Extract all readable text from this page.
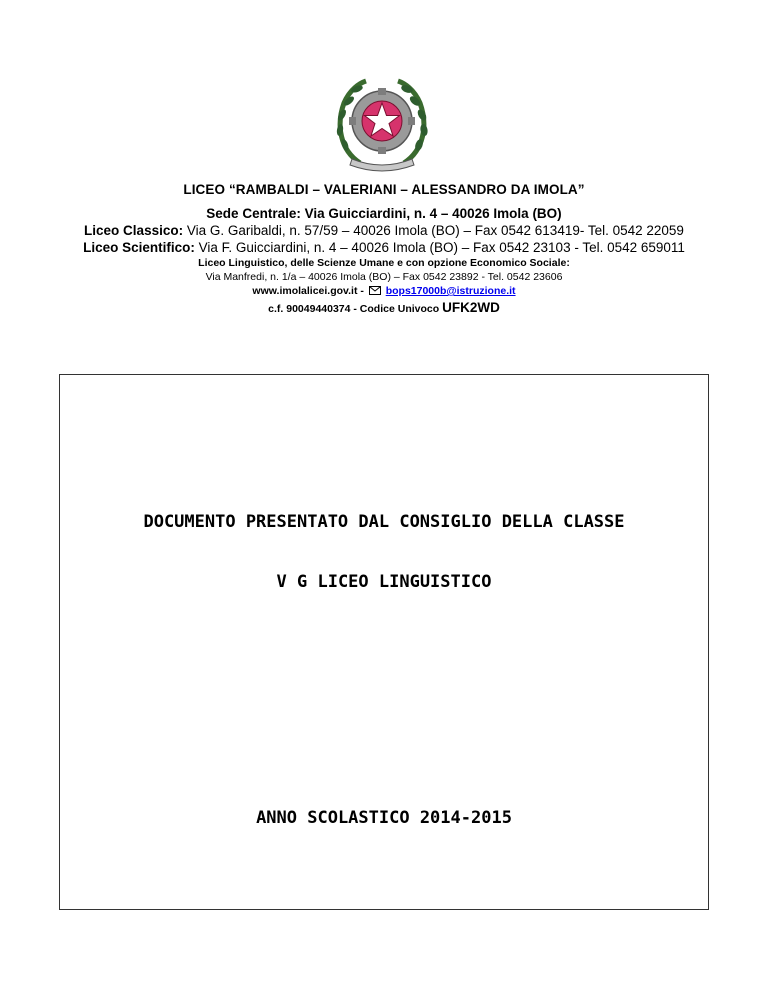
LICEO “RAMBALDI – VALERIANI – ALESSANDRO DA IMOLA”
Sede Centrale: Via Guicciardini, n. 4 – 40026 Imola (BO)
Liceo Classico: Via G. Garibaldi, n. 57/59 – 40026 Imola (BO) – Fax 0542 613419- Tel. 0542 22059
Liceo Scientifico: Via F. Guicciardini, n. 4 – 40026 Imola (BO) – Fax 0542 23103 - Tel. 0542 659011
Liceo Linguistico, delle Scienze Umane e con opzione Economico Sociale:
Via Manfredi, n. 1/a – 40026 Imola (BO) – Fax 0542 23892 - Tel. 0542 23606
www.imolalicei.gov.it - bops17000b@istruzione.it
c.f. 90049440374 - Codice Univoco UFK2WD
DOCUMENTO PRESENTATO DAL CONSIGLIO DELLA CLASSE
V G LICEO LINGUISTICO
ANNO SCOLASTICO 2014-2015
